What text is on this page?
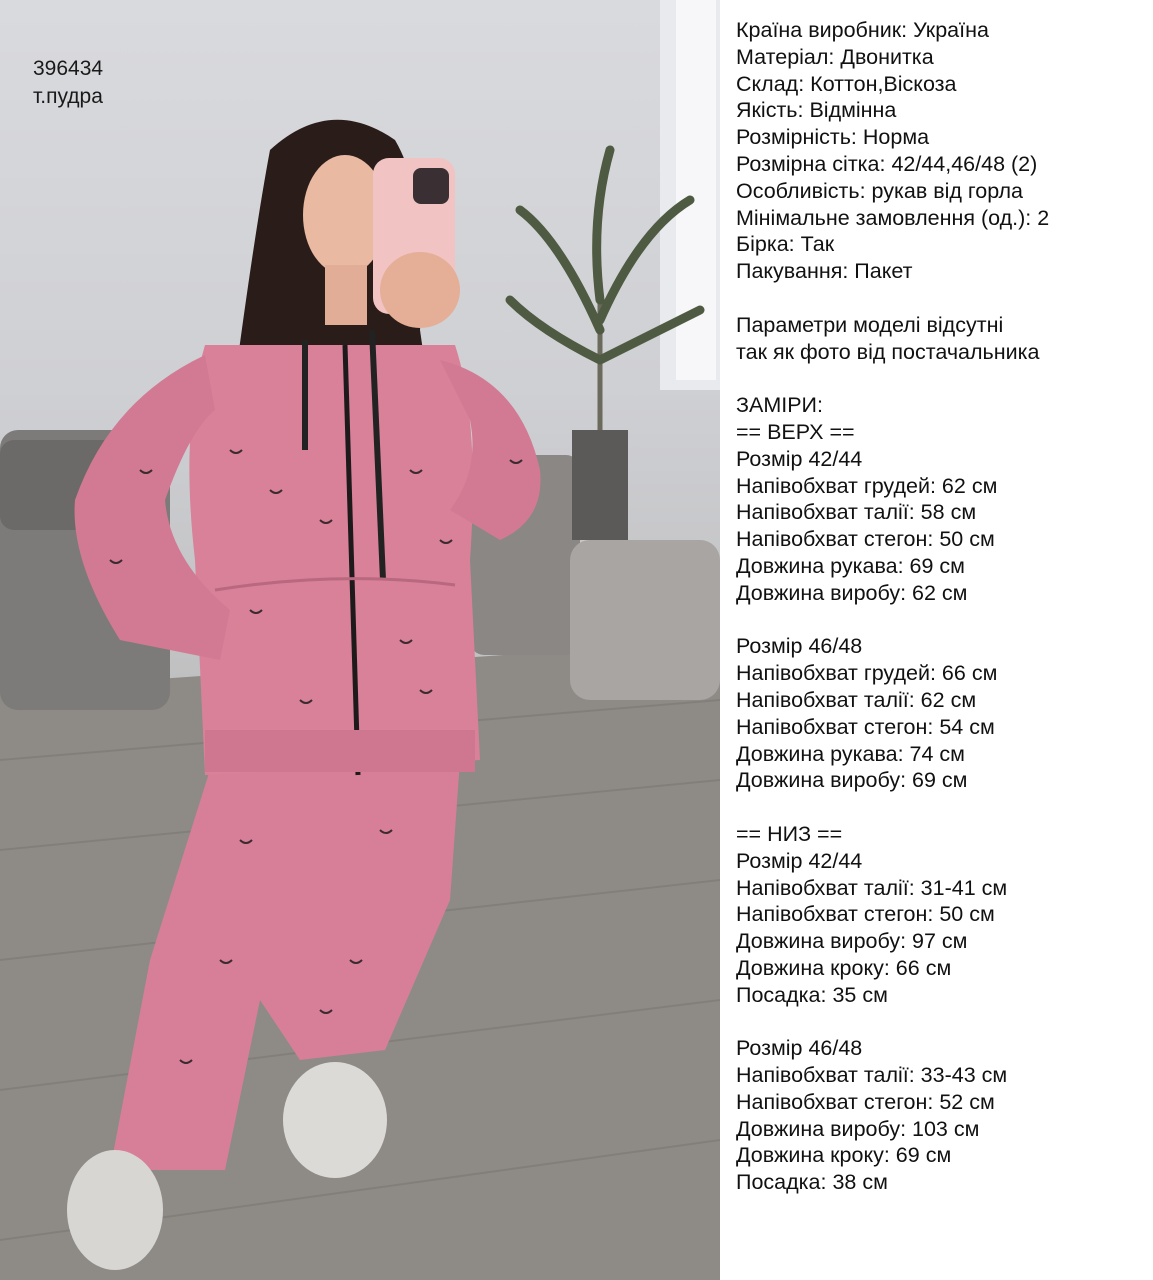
396434
т.пудра
Країна виробник: Україна
Матеріал: Двонитка
Склад: Коттон,Віскоза
Якість: Відмінна
Розмірність: Норма
Розмірна сітка: 42/44,46/48 (2)
Особливість: рукав від горла
Мінімальне замовлення (од.): 2
Бірка: Так
Пакування: Пакет
Параметри моделі відсутні
так як фото від постачальника
ЗАМІРИ:
== ВЕРХ ==
Розмір 42/44
Напівобхват грудей: 62 см
Напівобхват талії: 58 см
Напівобхват стегон: 50 см
Довжина рукава: 69 см
Довжина виробу: 62 см
Розмір 46/48
Напівобхват грудей: 66 см
Напівобхват талії: 62 см
Напівобхват стегон: 54 см
Довжина рукава: 74 см
Довжина виробу: 69 см
== НИЗ ==
Розмір 42/44
Напівобхват талії: 31-41 см
Напівобхват стегон: 50 см
Довжина виробу: 97 см
Довжина кроку: 66 см
Посадка: 35 см
Розмір 46/48
Напівобхват талії: 33-43 см
Напівобхват стегон: 52 см
Довжина виробу: 103 см
Довжина кроку: 69 см
Посадка: 38 см
